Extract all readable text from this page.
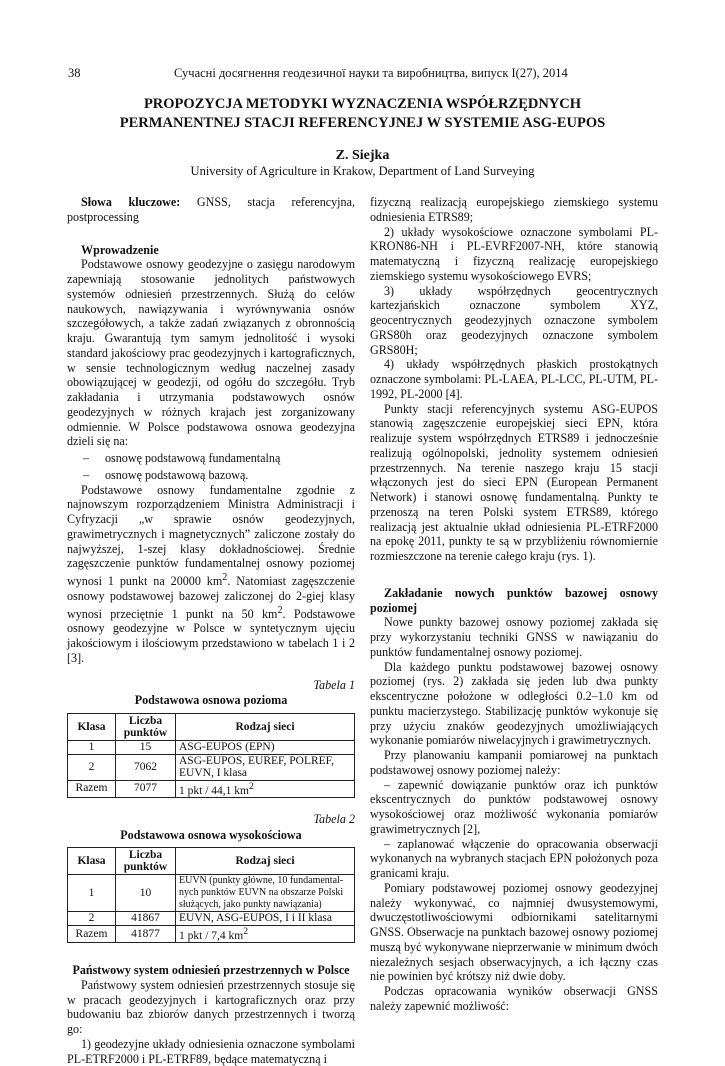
38	Сучасні досягнення геодезичної науки та виробництва, випуск I(27), 2014
PROPOZYCJA METODYKI WYZNACZENIA WSPÓŁRZĘDNYCH
PERMANENTNEJ STACJI REFERENCYJNEJ W SYSTEMIE ASG-EUPOS
Z. Siejka
University of Agriculture in Krakow, Department of Land Surveying

Słowa kluczowe: GNSS, stacja referencyjna, postprocessing

Wprowadzenie

Podstawowe osnowy geodezyjne o zasięgu narodowym zapewniają stosowanie jednolitych państwowych systemów odniesień przestrzennych. Służą do celów naukowych, nawiązywania i wyrównywania osnów szczegółowych, a także zadań związanych z obronnością kraju. Gwarantują tym samym jednolitość i wysoki standard jakościowy prac geodezyjnych i kartograficznych, w sensie technologicznym według naczelnej zasady obowiązującej w geodezji, od ogółu do szczegółu. Tryb zakładania i utrzymania podstawowych osnów geodezyjnych w różnych krajach jest zorganizowany odmiennie. W Polsce podstawowa osnowa geodezyjna dzieli się na:

–	osnowę podstawową fundamentalną
–	osnowę podstawową bazową.

Podstawowe osnowy fundamentalne zgodnie z najnowszym rozporządzeniem Ministra Administracji i Cyfryzacji „w sprawie osnów geodezyjnych, grawimetrycznych i magnetycznych” zaliczone zostały do najwyższej, 1-szej klasy dokładnościowej. Średnie zagęszczenie punktów fundamentalnej osnowy poziomej wynosi 1 punkt na 20000 $km^2$. Natomiast zagęszczenie osnowy podstawowej bazowej zaliczonej do 2-giej klasy wynosi przeciętnie 1 punkt na 50 $km^2$. Podstawowe osnowy geodezyjne w Polsce w syntetycznym ujęciu jakościowym i ilościowym przedstawiono w tabelach 1 i 2 [3].

Tabela 1
Podstawowa osnowa pozioma
Klasa	Liczba punktów	Rodzaj sieci
1	15	ASG-EUPOS (EPN)
2	7062	ASG-EUPOS, EUREF, POLREF, EUVN, I klasa
Razem	7077	1 pkt / 44,1 $km^2$
Tabela 2
Podstawowa osnowa wysokościowa
Klasa	Liczba punktów	Rodzaj sieci
1	10	EUVN (punkty główne, 10 fundamental-nych punktów EUVN na obszarze Polski służących, jako punkty nawiązania)
2	41867	EUVN, ASG-EUPOS, I i II klasa
Razem	41877	1 pkt / 7,4 $km^2$

Państwowy system odniesień przestrzennych w Polsce

Państwowy system odniesień przestrzennych stosuje się w pracach geodezyjnych i kartograficznych oraz przy budowaniu baz zbiorów danych przestrzennych i tworzą go:

1) geodezyjne układy odniesienia oznaczone symbolami PL-ETRF2000 i PL-ETRF89, będące matematyczną i

fizyczną realizacją europejskiego ziemskiego systemu odniesienia ETRS89;

2) układy wysokościowe oznaczone symbolami PL-KRON86-NH i PL-EVRF2007-NH, które stanowią matematyczną i fizyczną realizację europejskiego ziemskiego systemu wysokościowego EVRS;

3) układy współrzędnych geocentrycznych kartezjańskich oznaczone symbolem XYZ, geocentrycznych geodezyjnych oznaczone symbolem GRS80h oraz geodezyjnych oznaczone symbolem GRS80H;

4) układy współrzędnych płaskich prostokątnych oznaczone symbolami: PL-LAEA, PL-LCC, PL-UTM, PL-1992, PL-2000 [4].

Punkty stacji referencyjnych systemu ASG-EUPOS stanowią zagęszczenie europejskiej sieci EPN, która realizuje system współrzędnych ETRS89 i jednocześnie realizują ogólnopolski, jednolity systemem odniesień przestrzennych. Na terenie naszego kraju 15 stacji włączonych jest do sieci EPN (European Permanent Network) i stanowi osnowę fundamentalną. Punkty te przenoszą na teren Polski system ETRS89, którego realizacją jest aktualnie układ odniesienia PL-ETRF2000 na epokę 2011, punkty te są w przybliżeniu równomiernie rozmieszczone na terenie całego kraju (rys. 1).

Zakładanie nowych punktów bazowej osnowy poziomej

Nowe punkty bazowej osnowy poziomej zakłada się przy wykorzystaniu techniki GNSS w nawiązaniu do punktów fundamentalnej osnowy poziomej.

Dla każdego punktu podstawowej bazowej osnowy poziomej (rys. 2) zakłada się jeden lub dwa punkty ekscentryczne położone w odległości 0.2–1.0 km od punktu macierzystego. Stabilizację punktów wykonuje się przy użyciu znaków geodezyjnych umożliwiających wykonanie pomiarów niwelacyjnych i grawimetrycznych.

Przy planowaniu kampanii pomiarowej na punktach podstawowej osnowy poziomej należy:

– zapewnić dowiązanie punktów oraz ich punktów ekscentrycznych do punktów podstawowej osnowy wysokościowej oraz możliwość wykonania pomiarów grawimetrycznych [2],

– zaplanować włączenie do opracowania obserwacji wykonanych na wybranych stacjach EPN położonych poza granicami kraju.

Pomiary podstawowej poziomej osnowy geodezyjnej należy wykonywać, co najmniej dwusystemowymi, dwuczęstotliwościowymi odbiornikami satelitarnymi GNSS. Obserwacje na punktach bazowej osnowy poziomej muszą być wykonywane nieprzerwanie w minimum dwóch niezależnych sesjach obserwacyjnych, a ich łączny czas nie powinien być krótszy niż dwie doby.

Podczas opracowania wyników obserwacji GNSS należy zapewnić możliwość:
